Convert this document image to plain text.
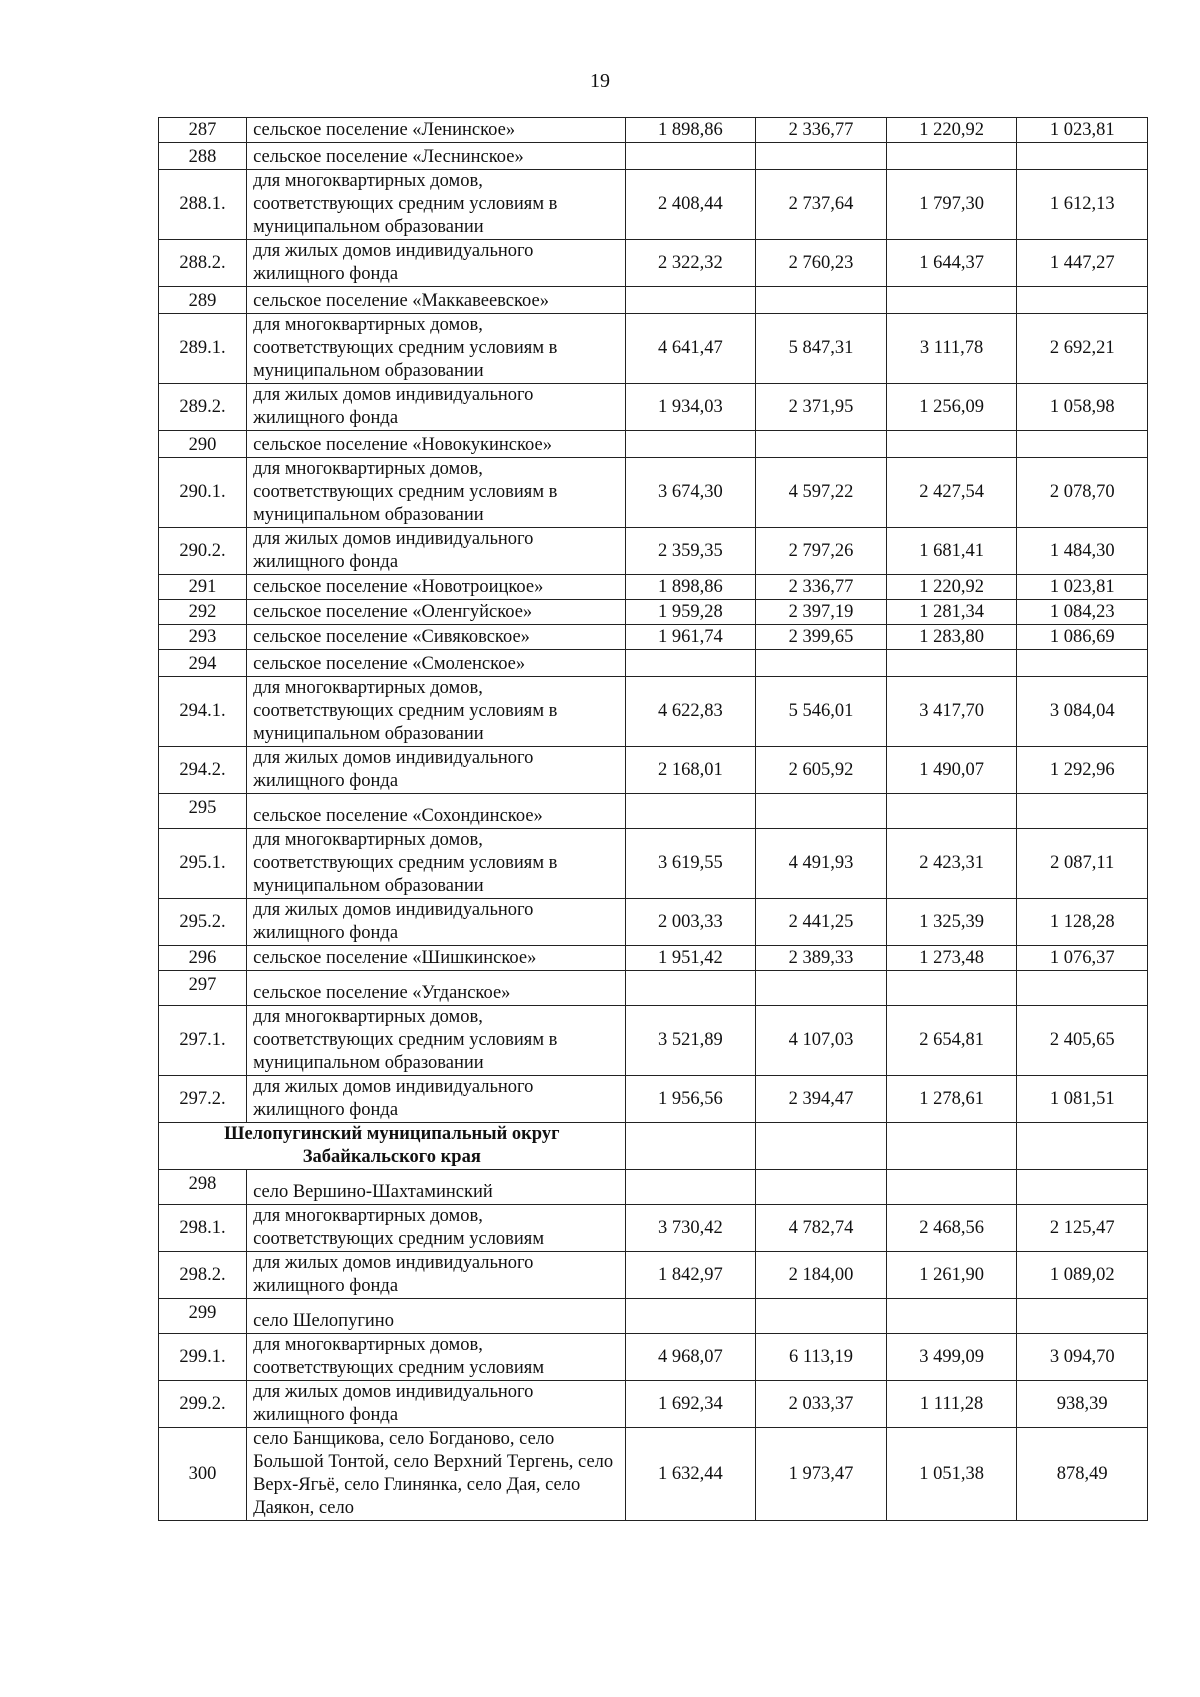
19
287	сельское поселение «Ленинское»	1 898,86	2 336,77	1 220,92	1 023,81
288	сельское поселение «Леснинское»				
288.1.	для многоквартирных домов, соответствующих средним условиям в муниципальном образовании	2 408,44	2 737,64	1 797,30	1 612,13
288.2.	для жилых домов индивидуального жилищного фонда	2 322,32	2 760,23	1 644,37	1 447,27
289	сельское поселение «Маккавеевское»				
289.1.	для многоквартирных домов, соответствующих средним условиям в муниципальном образовании	4 641,47	5 847,31	3 111,78	2 692,21
289.2.	для жилых домов индивидуального жилищного фонда	1 934,03	2 371,95	1 256,09	1 058,98
290	сельское поселение «Новокукинское»				
290.1.	для многоквартирных домов, соответствующих средним условиям в муниципальном образовании	3 674,30	4 597,22	2 427,54	2 078,70
290.2.	для жилых домов индивидуального жилищного фонда	2 359,35	2 797,26	1 681,41	1 484,30
291	сельское поселение «Новотроицкое»	1 898,86	2 336,77	1 220,92	1 023,81
292	сельское поселение «Оленгуйское»	1 959,28	2 397,19	1 281,34	1 084,23
293	сельское поселение «Сивяковское»	1 961,74	2 399,65	1 283,80	1 086,69
294	сельское поселение «Смоленское»				
294.1.	для многоквартирных домов, соответствующих средним условиям в муниципальном образовании	4 622,83	5 546,01	3 417,70	3 084,04
294.2.	для жилых домов индивидуального жилищного фонда	2 168,01	2 605,92	1 490,07	1 292,96
295	сельское поселение «Сохондинское»				
295.1.	для многоквартирных домов, соответствующих средним условиям в муниципальном образовании	3 619,55	4 491,93	2 423,31	2 087,11
295.2.	для жилых домов индивидуального жилищного фонда	2 003,33	2 441,25	1 325,39	1 128,28
296	сельское поселение «Шишкинское»	1 951,42	2 389,33	1 273,48	1 076,37
297	сельское поселение «Угданское»				
297.1.	для многоквартирных домов, соответствующих средним условиям в муниципальном образовании	3 521,89	4 107,03	2 654,81	2 405,65
297.2.	для жилых домов индивидуального жилищного фонда	1 956,56	2 394,47	1 278,61	1 081,51
Шелопугинский муниципальный округ Забайкальского края					
298	село Вершино-Шахтаминский				
298.1.	для многоквартирных домов, соответствующих средним условиям	3 730,42	4 782,74	2 468,56	2 125,47
298.2.	для жилых домов индивидуального жилищного фонда	1 842,97	2 184,00	1 261,90	1 089,02
299	село Шелопугино				
299.1.	для многоквартирных домов, соответствующих средним условиям	4 968,07	6 113,19	3 499,09	3 094,70
299.2.	для жилых домов индивидуального жилищного фонда	1 692,34	2 033,37	1 111,28	938,39
300	село Банщикова, село Богданово, село Большой Тонтой, село Верхний Тергень, село Верх-Ягьё, село Глинянка, село Дая, село Даякон, село	1 632,44	1 973,47	1 051,38	878,49
